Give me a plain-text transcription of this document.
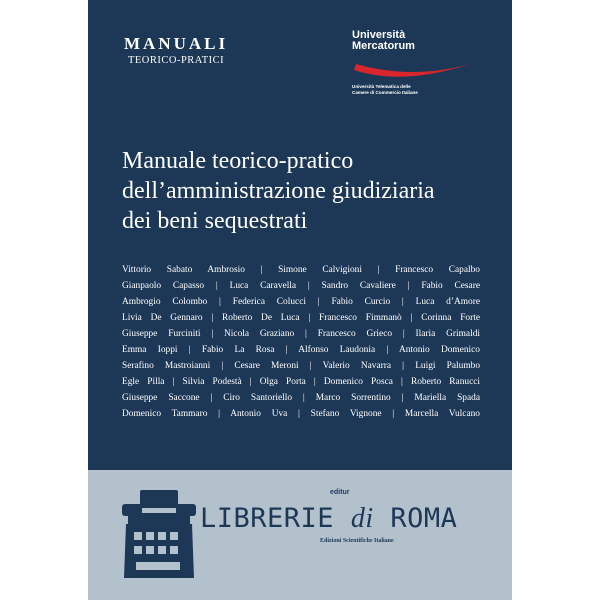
MANUALI
TEORICO-PRATICI
Università
Mercatorum
Università Telematica delle
Camere di Commercio Italiane
Manuale teorico-pratico
dell’amministrazione giudiziaria
dei beni sequestrati
Vittorio Sabato Ambrosio | Simone Calvigioni | Francesco Capalbo
Gianpaolo Capasso | Luca Caravella | Sandro Cavaliere | Fabio Cesare
Ambrogio Colombo | Federica Colucci | Fabio Curcio | Luca d’Amore
Livia De Gennaro | Roberto De Luca | Francesco Fimmanò | Corinna Forte
Giuseppe Furciniti | Nicola Graziano | Francesco Grieco | Ilaria Grimaldi
Emma Ioppi | Fabio La Rosa | Alfonso Laudonia | Antonio Domenico
Serafino Mastroianni | Cesare Meroni | Valerio Navarra | Luigi Palumbo
Egle Pilla | Silvia Podestà | Olga Porta | Domenico Posca | Roberto Ranucci
Giuseppe Saccone | Ciro Santoriello | Marco Sorrentino | Mariella Spada
Domenico Tammaro | Antonio Uva | Stefano Vignone | Marcella Vulcano
editur
LIBRERIE di ROMA
Edizioni Scientifiche Italiane
